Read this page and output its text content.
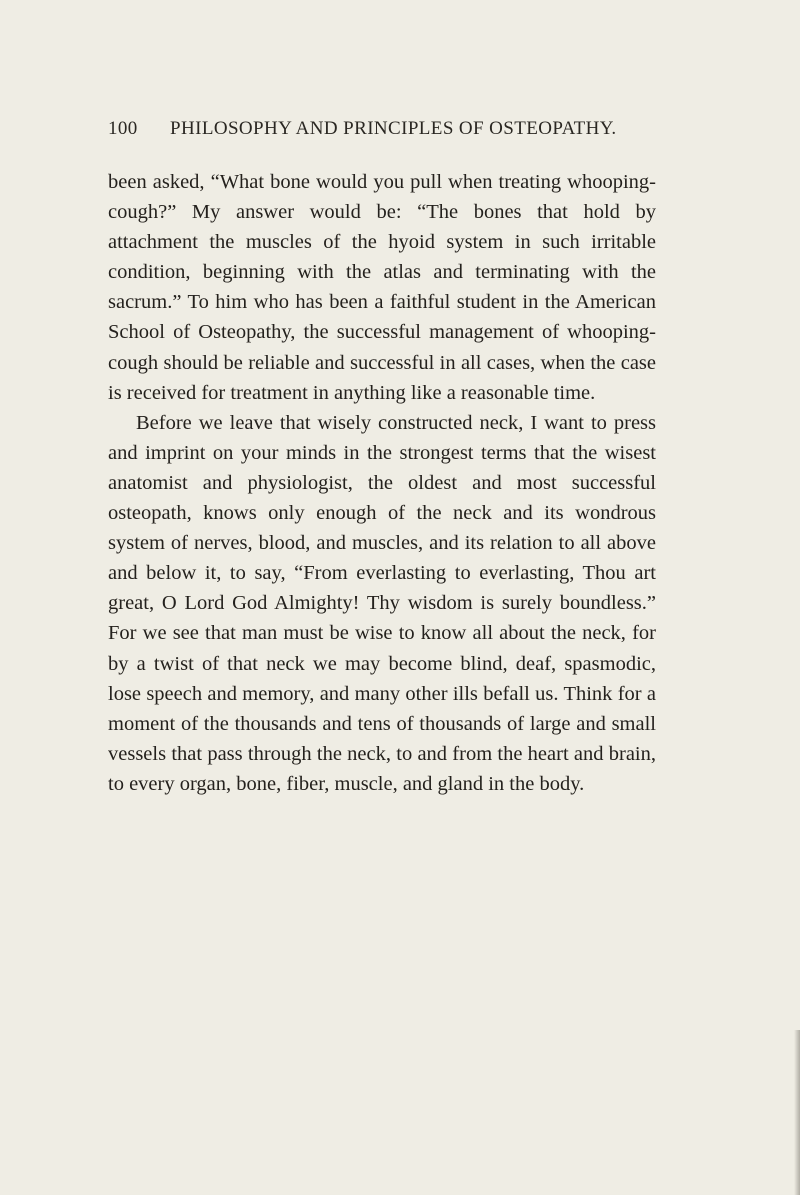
100 PHILOSOPHY AND PRINCIPLES OF OSTEOPATHY.

been asked, “What bone would you pull when treating whooping-cough?” My answer would be: “The bones that hold by attachment the muscles of the hyoid system in such irritable condition, beginning with the atlas and terminating with the sacrum.” To him who has been a faithful student in the American School of Osteopathy, the successful management of whooping-cough should be reliable and successful in all cases, when the case is received for treatment in anything like a reasonable time.

Before we leave that wisely constructed neck, I want to press and imprint on your minds in the strongest terms that the wisest anatomist and physiologist, the oldest and most successful osteopath, knows only enough of the neck and its wondrous system of nerves, blood, and muscles, and its relation to all above and below it, to say, “From everlasting to everlasting, Thou art great, O Lord God Almighty! Thy wisdom is surely boundless.” For we see that man must be wise to know all about the neck, for by a twist of that neck we may become blind, deaf, spasmodic, lose speech and memory, and many other ills befall us. Think for a moment of the thousands and tens of thousands of large and small vessels that pass through the neck, to and from the heart and brain, to every organ, bone, fiber, muscle, and gland in the body.
